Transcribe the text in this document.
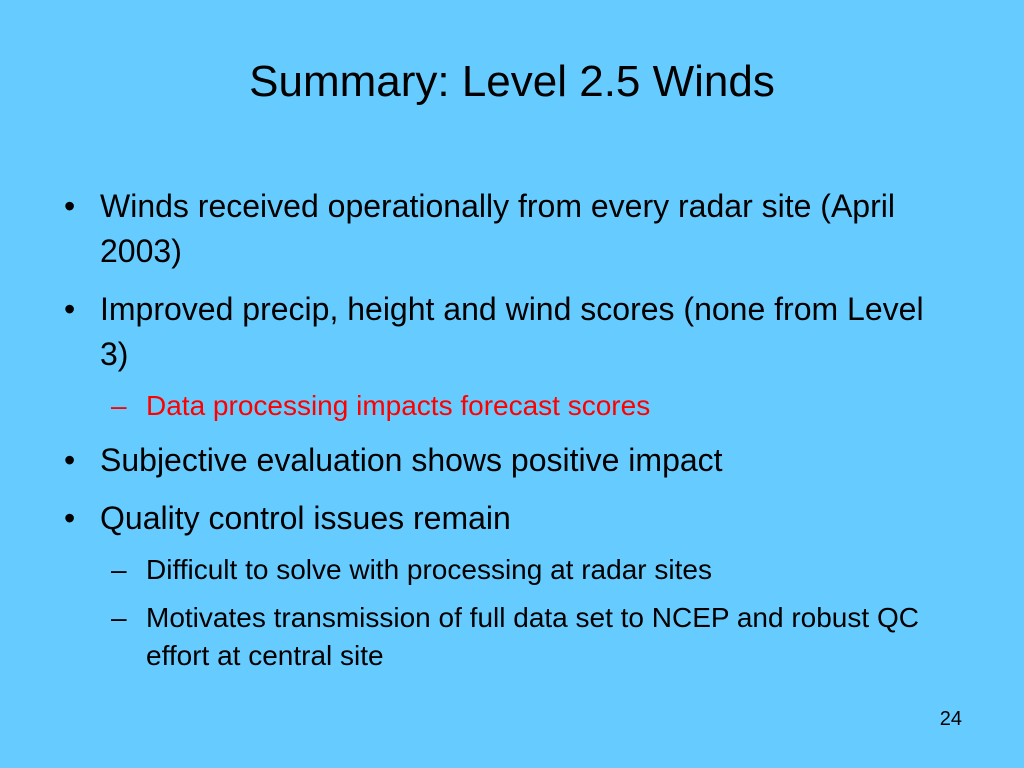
Summary: Level 2.5 Winds
• Winds received operationally from every radar site (April 2003)
• Improved precip, height and wind scores (none from Level 3)
– Data processing impacts forecast scores
• Subjective evaluation shows positive impact
• Quality control issues remain
– Difficult to solve with processing at radar sites
– Motivates transmission of full data set to NCEP and robust QC effort at central site
24
